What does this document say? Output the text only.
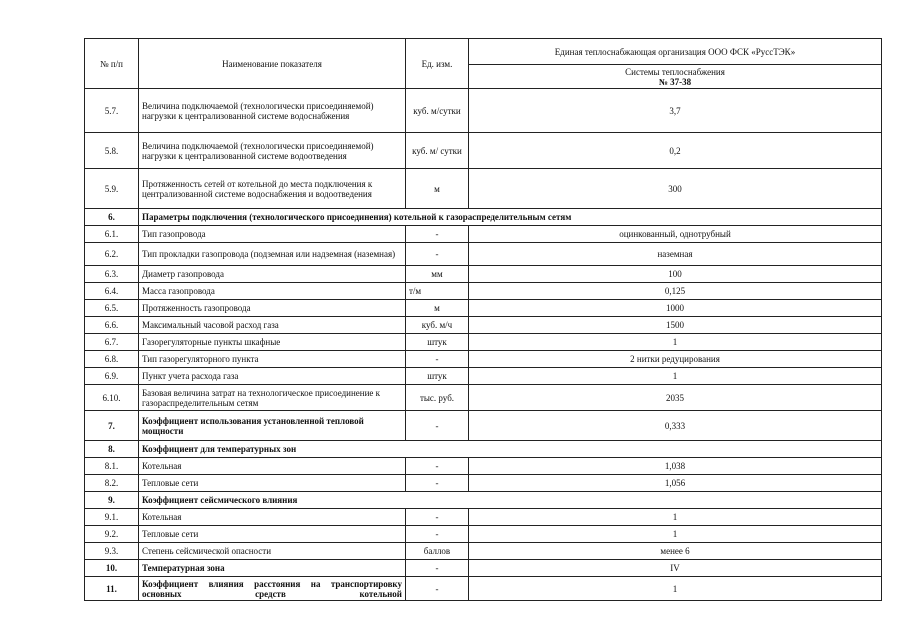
№ п/п	Наименование показателя	Ед. изм.	Единая теплоснабжающая организация ООО ФСК «РуссТЭК»

			Системы теплоснабжения
№ 37-38

5.7.	Величина подключаемой (технологически присоединяемой) нагрузки к централизованной системе водоснабжения	куб. м/сутки	3,7
5.8.	Величина подключаемой (технологически присоединяемой) нагрузки к централизованной системе водоотведения	куб. м/ сутки	0,2
5.9.	Протяженность сетей от котельной до места подключения к централизованной системе водоснабжения и водоотведения	м	300
6.	Параметры подключения (технологического присоединения) котельной к газораспределительным сетям		
6.1.	Тип газопровода	-	оцинкованный, однотрубный
6.2.	Тип прокладки газопровода (подземная или надземная (наземная)	-	наземная
6.3.	Диаметр газопровода	мм	100
6.4.	Масса газопровода	т/м	0,125
6.5.	Протяженность газопровода	м	1000
6.6.	Максимальный часовой расход газа	куб. м/ч	1500
6.7.	Газорегуляторные пункты шкафные	штук	1
6.8.	Тип газорегуляторного пункта	-	2 нитки редуцирования
6.9.	Пункт учета расхода газа	штук	1
6.10.	Базовая величина затрат на технологическое присоединение к газораспределительным сетям	тыс. руб.	2035
7.	Коэффициент использования установленной тепловой мощности	-	0,333
8.	Коэффициент для температурных зон		
8.1.	Котельная	-	1,038
8.2.	Тепловые сети	-	1,056
9.	Коэффициент сейсмического влияния		
9.1.	Котельная	-	1
9.2.	Тепловые сети	-	1
9.3.	Степень сейсмической опасности	баллов	менее 6
10.	Температурная зона	-	IV
11.	Коэффициент влияния расстояния на транспортировку основных средств котельной	-	1
